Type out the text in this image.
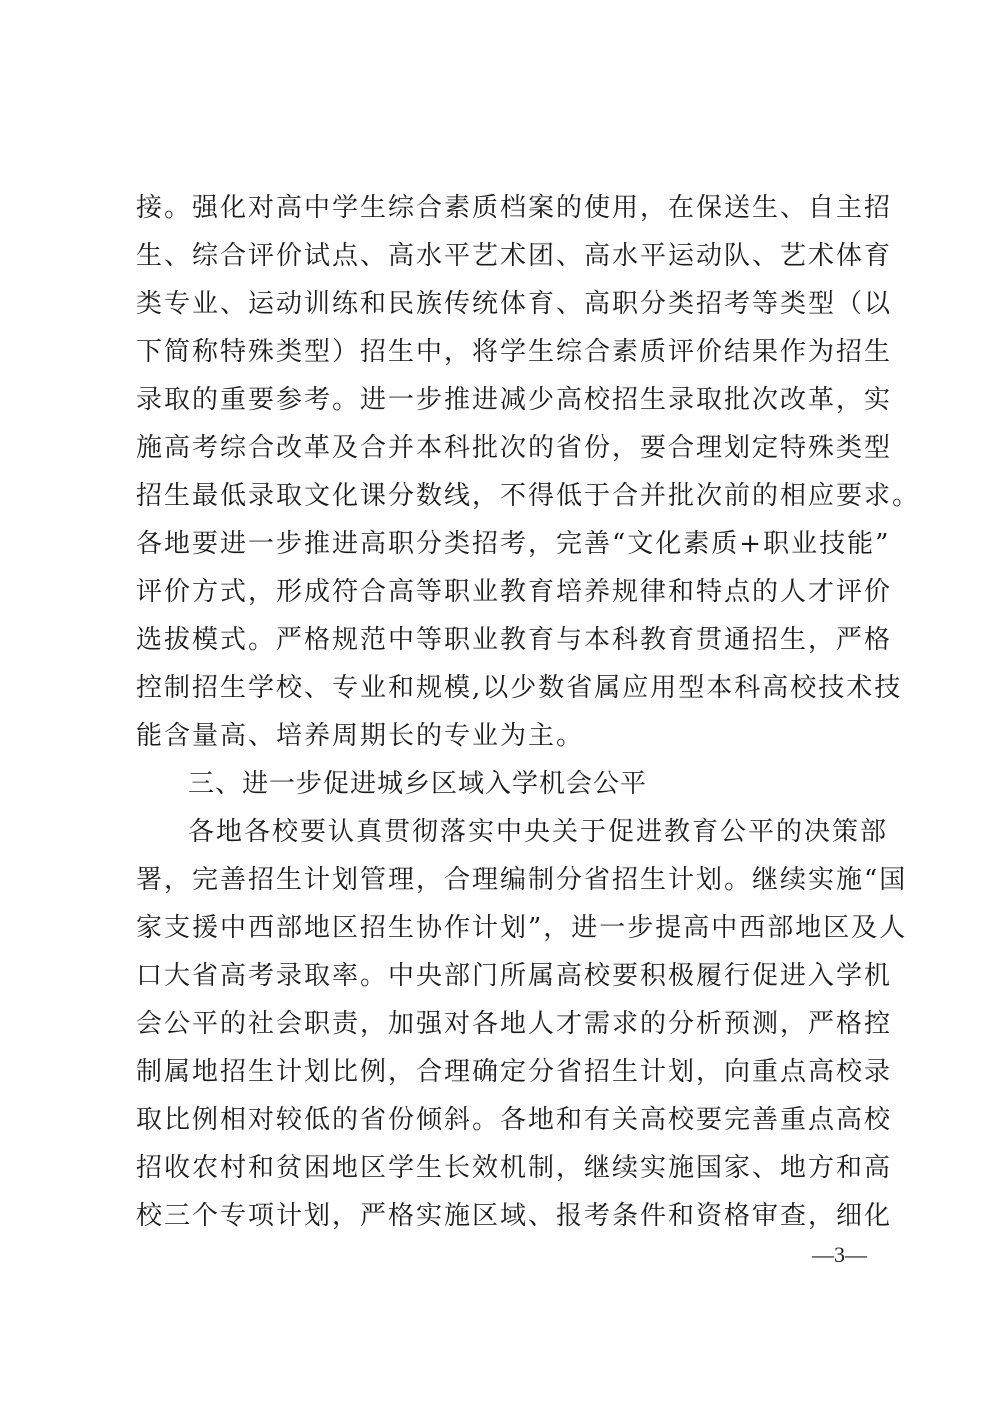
接。强化对高中学生综合素质档案的使用，在保送生、自主招
生、综合评价试点、高水平艺术团、高水平运动队、艺术体育
类专业、运动训练和民族传统体育、高职分类招考等类型（以
下简称特殊类型）招生中，将学生综合素质评价结果作为招生
录取的重要参考。进一步推进减少高校招生录取批次改革，实
施高考综合改革及合并本科批次的省份，要合理划定特殊类型
招生最低录取文化课分数线，不得低于合并批次前的相应要求。
各地要进一步推进高职分类招考，完善“文化素质+职业技能”
评价方式，形成符合高等职业教育培养规律和特点的人才评价
选拔模式。严格规范中等职业教育与本科教育贯通招生，严格
控制招生学校、专业和规模,以少数省属应用型本科高校技术技
能含量高、培养周期长的专业为主。
三、进一步促进城乡区域入学机会公平
各地各校要认真贯彻落实中央关于促进教育公平的决策部
署，完善招生计划管理，合理编制分省招生计划。继续实施“国
家支援中西部地区招生协作计划”，进一步提高中西部地区及人
口大省高考录取率。中央部门所属高校要积极履行促进入学机
会公平的社会职责，加强对各地人才需求的分析预测，严格控
制属地招生计划比例，合理确定分省招生计划，向重点高校录
取比例相对较低的省份倾斜。各地和有关高校要完善重点高校
招收农村和贫困地区学生长效机制，继续实施国家、地方和高
校三个专项计划，严格实施区域、报考条件和资格审查，细化
—3—
